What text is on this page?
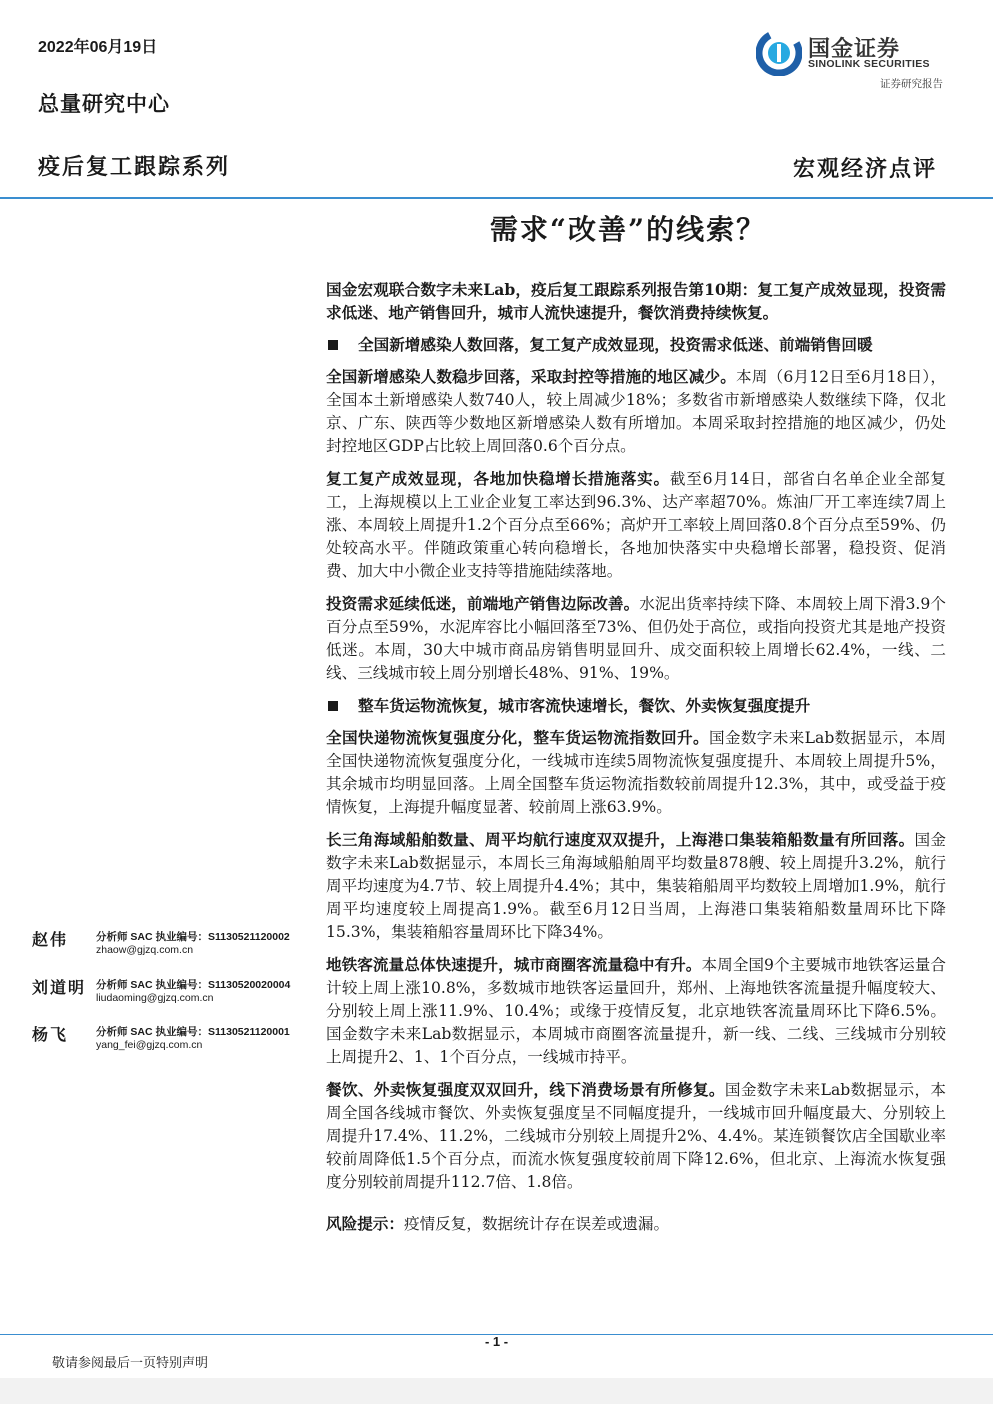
2022年06月19日
总量研究中心
国金证券
SINOLINK SECURITIES
证券研究报告
疫后复工跟踪系列	宏观经济点评
需求“改善”的线索？

国金宏观联合数字未来Lab，疫后复工跟踪系列报告第10期：复工复产成效显现，投资需求低迷、地产销售回升，城市人流快速提升，餐饮消费持续恢复。

全国新增感染人数回落，复工复产成效显现，投资需求低迷、前端销售回暖

全国新增感染人数稳步回落，采取封控等措施的地区减少。本周（6月12日至6月18日），全国本土新增感染人数740人，较上周减少18%；多数省市新增感染人数继续下降，仅北京、广东、陕西等少数地区新增感染人数有所增加。本周采取封控措施的地区减少，仍处封控地区GDP占比较上周回落0.6个百分点。

复工复产成效显现，各地加快稳增长措施落实。截至6月14日，部省白名单企业全部复工，上海规模以上工业企业复工率达到96.3%、达产率超70%。炼油厂开工率连续7周上涨、本周较上周提升1.2个百分点至66%；高炉开工率较上周回落0.8个百分点至59%、仍处较高水平。伴随政策重心转向稳增长，各地加快落实中央稳增长部署，稳投资、促消费、加大中小微企业支持等措施陆续落地。

投资需求延续低迷，前端地产销售边际改善。水泥出货率持续下降、本周较上周下滑3.9个百分点至59%，水泥库容比小幅回落至73%、但仍处于高位，或指向投资尤其是地产投资低迷。本周，30大中城市商品房销售明显回升、成交面积较上周增长62.4%，一线、二线、三线城市较上周分别增长48%、91%、19%。

整车货运物流恢复，城市客流快速增长，餐饮、外卖恢复强度提升

全国快递物流恢复强度分化，整车货运物流指数回升。国金数字未来Lab数据显示，本周全国快递物流恢复强度分化，一线城市连续5周物流恢复强度提升、本周较上周提升5%，其余城市均明显回落。上周全国整车货运物流指数较前周提升12.3%，其中，或受益于疫情恢复，上海提升幅度显著、较前周上涨63.9%。

长三角海域船舶数量、周平均航行速度双双提升，上海港口集装箱船数量有所回落。国金数字未来Lab数据显示，本周长三角海域船舶周平均数量878艘、较上周提升3.2%，航行周平均速度为4.7节、较上周提升4.4%；其中，集装箱船周平均数较上周增加1.9%，航行周平均速度较上周提高1.9%。截至6月12日当周，上海港口集装箱船数量周环比下降15.3%，集装箱船容量周环比下降34%。

地铁客流量总体快速提升，城市商圈客流量稳中有升。本周全国9个主要城市地铁客运量合计较上周上涨10.8%，多数城市地铁客运量回升，郑州、上海地铁客流量提升幅度较大、分别较上周上涨11.9%、10.4%；或缘于疫情反复，北京地铁客流量周环比下降6.5%。国金数字未来Lab数据显示，本周城市商圈客流量提升，新一线、二线、三线城市分别较上周提升2、1、1个百分点，一线城市持平。

餐饮、外卖恢复强度双双回升，线下消费场景有所修复。国金数字未来Lab数据显示，本周全国各线城市餐饮、外卖恢复强度呈不同幅度提升，一线城市回升幅度最大、分别较上周提升17.4%、11.2%，二线城市分别较上周提升2%、4.4%。某连锁餐饮店全国歇业率较前周降低1.5个百分点，而流水恢复强度较前周下降12.6%，但北京、上海流水恢复强度分别较前周提升112.7倍、1.8倍。

风险提示：疫情反复，数据统计存在误差或遗漏。

赵伟	分析师 SAC 执业编号：S1130521120002
zhaow@gjzq.com.cn
刘道明 分析师 SAC 执业编号：S1130520020004
liudaoming@gjzq.com.cn
杨飞	分析师 SAC 执业编号：S1130521120001
yang_fei@gjzq.com.cn
- 1 -
敬请参阅最后一页特别声明
